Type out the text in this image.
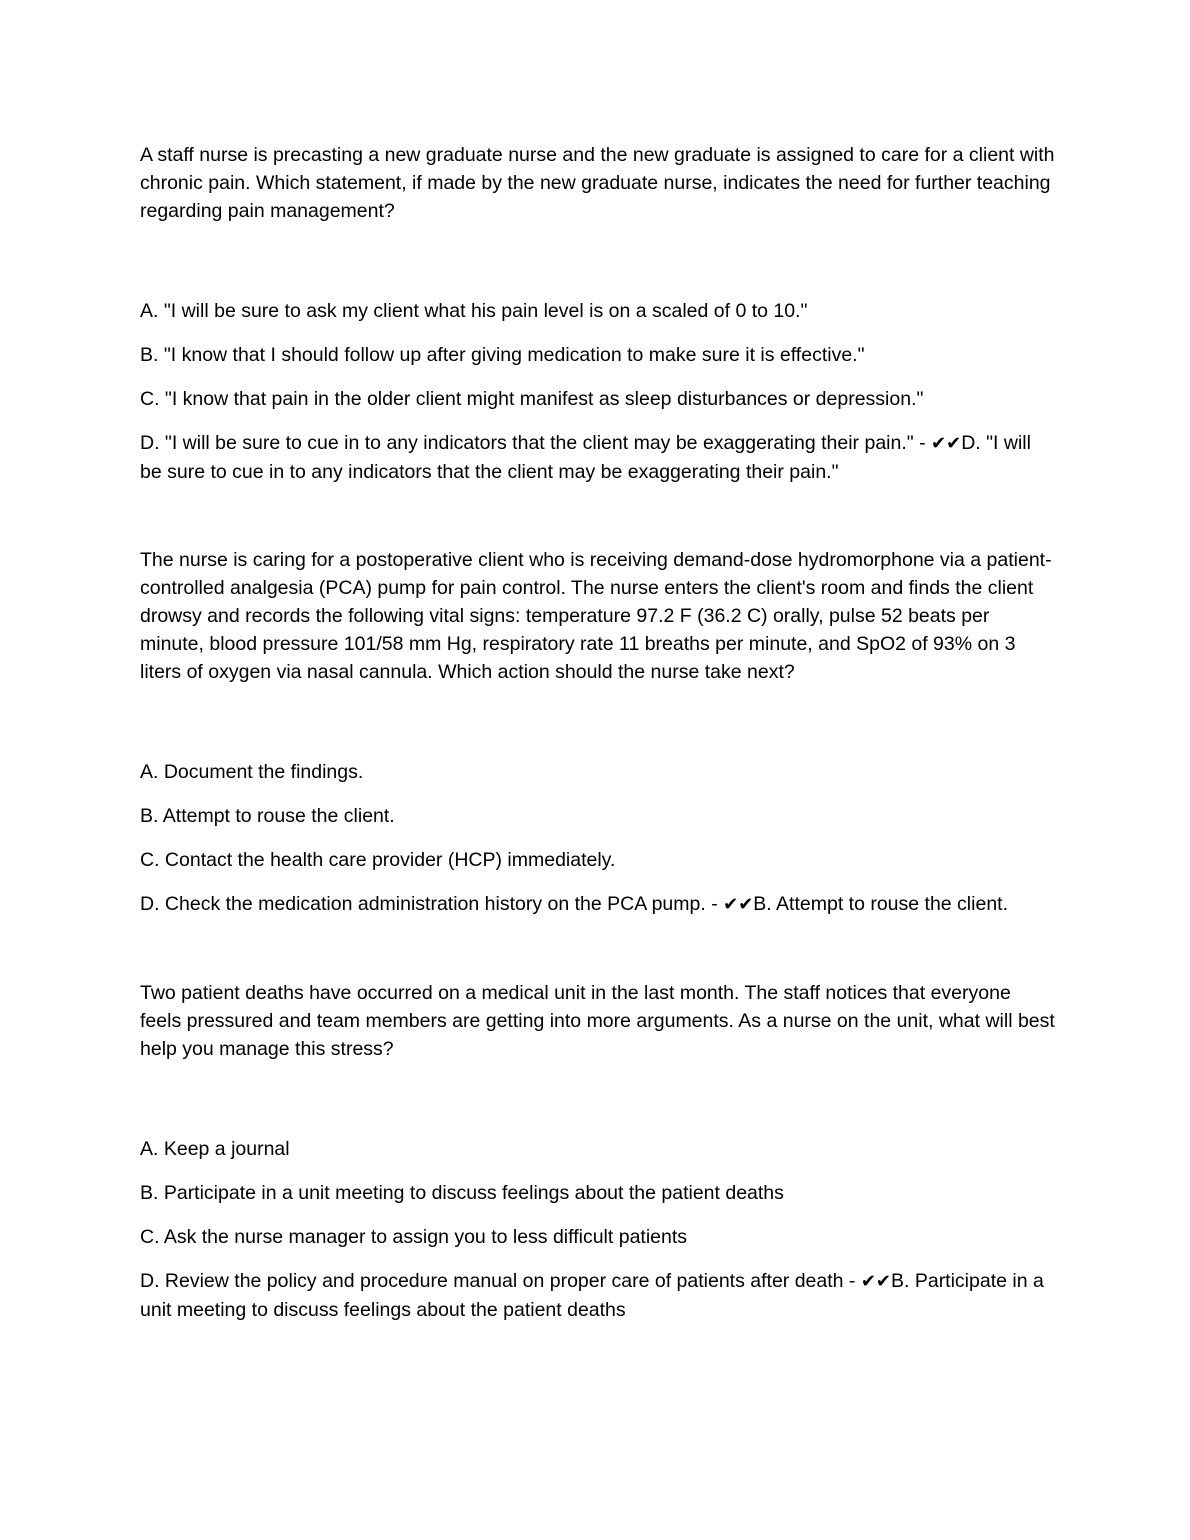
A staff nurse is precasting a new graduate nurse and the new graduate is assigned to care for a client with chronic pain. Which statement, if made by the new graduate nurse, indicates the need for further teaching regarding pain management?

A. "I will be sure to ask my client what his pain level is on a scaled of 0 to 10."
B. "I know that I should follow up after giving medication to make sure it is effective."
C. "I know that pain in the older client might manifest as sleep disturbances or depression."
D. "I will be sure to cue in to any indicators that the client may be exaggerating their pain." - ✔✔D. "I will be sure to cue in to any indicators that the client may be exaggerating their pain."

The nurse is caring for a postoperative client who is receiving demand-dose hydromorphone via a patient-controlled analgesia (PCA) pump for pain control. The nurse enters the client's room and finds the client drowsy and records the following vital signs: temperature 97.2 F (36.2 C) orally, pulse 52 beats per minute, blood pressure 101/58 mm Hg, respiratory rate 11 breaths per minute, and SpO2 of 93% on 3 liters of oxygen via nasal cannula. Which action should the nurse take next?

A. Document the findings.
B. Attempt to rouse the client.
C. Contact the health care provider (HCP) immediately.
D. Check the medication administration history on the PCA pump. - ✔✔B. Attempt to rouse the client.

Two patient deaths have occurred on a medical unit in the last month. The staff notices that everyone feels pressured and team members are getting into more arguments. As a nurse on the unit, what will best help you manage this stress?

A. Keep a journal
B. Participate in a unit meeting to discuss feelings about the patient deaths
C. Ask the nurse manager to assign you to less difficult patients
D. Review the policy and procedure manual on proper care of patients after death - ✔✔B. Participate in a unit meeting to discuss feelings about the patient deaths
